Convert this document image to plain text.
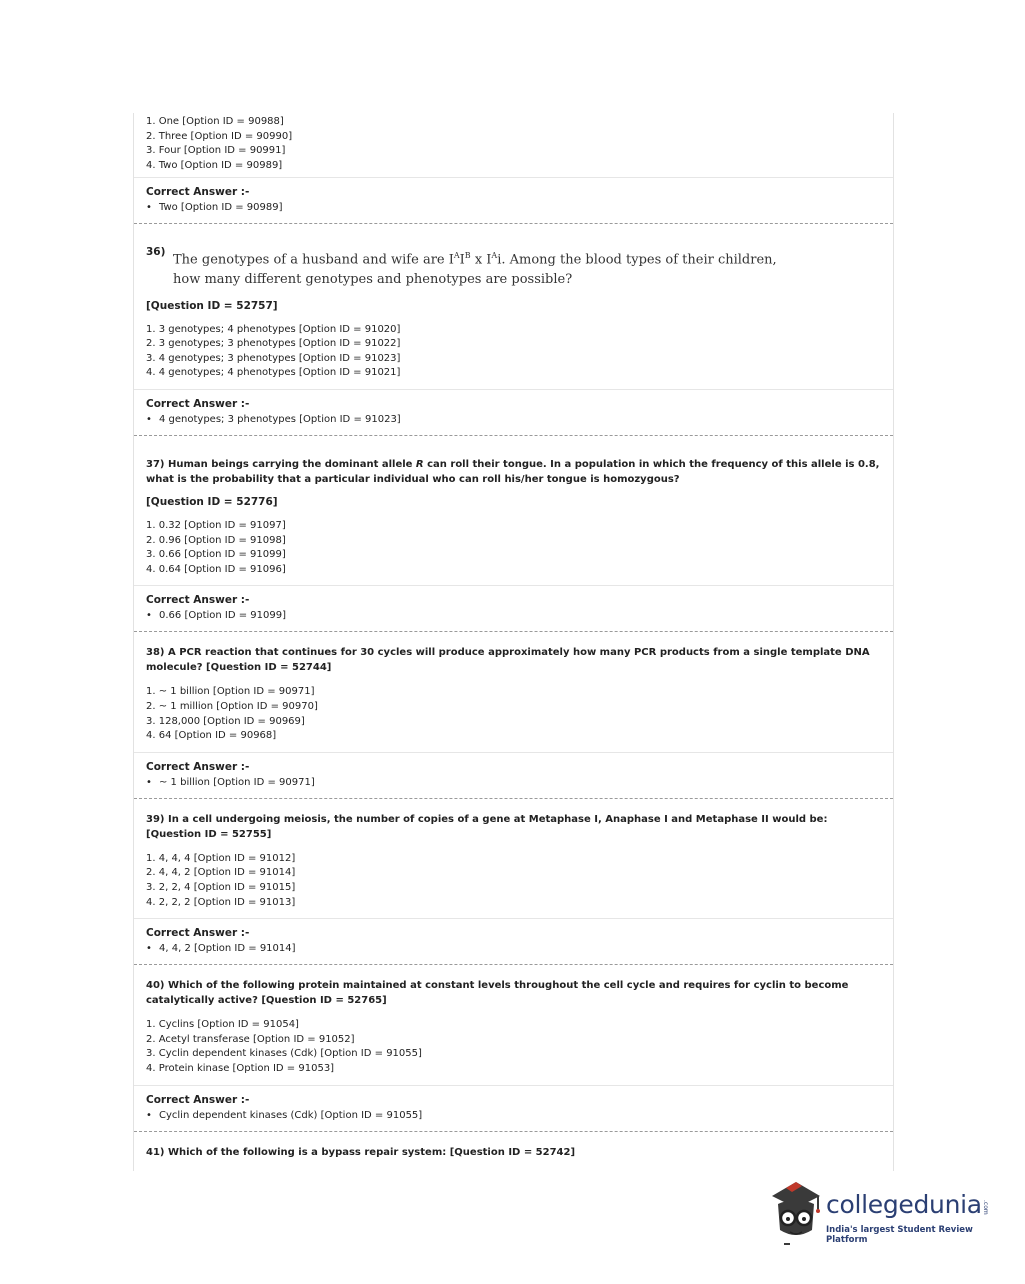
1. One [Option ID = 90988]
2. Three [Option ID = 90990]
3. Four [Option ID = 90991]
4. Two [Option ID = 90989]
Correct Answer :-
• Two [Option ID = 90989]
36)
The genotypes of a husband and wife are $I^AI^B$ x $I^Ai$. Among the blood types of their children,
how many different genotypes and phenotypes are possible?
[Question ID = 52757]
1. 3 genotypes; 4 phenotypes [Option ID = 91020]
2. 3 genotypes; 3 phenotypes [Option ID = 91022]
3. 4 genotypes; 3 phenotypes [Option ID = 91023]
4. 4 genotypes; 4 phenotypes [Option ID = 91021]
Correct Answer :-
• 4 genotypes; 3 phenotypes [Option ID = 91023]
37) Human beings carrying the dominant allele R can roll their tongue. In a population in which the frequency of this allele is 0.8, what is the probability that a particular individual who can roll his/her tongue is homozygous?
[Question ID = 52776]
1. 0.32 [Option ID = 91097]
2. 0.96 [Option ID = 91098]
3. 0.66 [Option ID = 91099]
4. 0.64 [Option ID = 91096]
Correct Answer :-
• 0.66 [Option ID = 91099]
38) A PCR reaction that continues for 30 cycles will produce approximately how many PCR products from a single template DNA molecule? [Question ID = 52744]
1. ~ 1 billion [Option ID = 90971]
2. ~ 1 million [Option ID = 90970]
3. 128,000 [Option ID = 90969]
4. 64 [Option ID = 90968]
Correct Answer :-
• ~ 1 billion [Option ID = 90971]
39) In a cell undergoing meiosis, the number of copies of a gene at Metaphase I, Anaphase I and Metaphase II would be: [Question ID = 52755]
1. 4, 4, 4 [Option ID = 91012]
2. 4, 4, 2 [Option ID = 91014]
3. 2, 2, 4 [Option ID = 91015]
4. 2, 2, 2 [Option ID = 91013]
Correct Answer :-
• 4, 4, 2 [Option ID = 91014]
40) Which of the following protein maintained at constant levels throughout the cell cycle and requires for cyclin to become catalytically active? [Question ID = 52765]
1. Cyclins [Option ID = 91054]
2. Acetyl transferase [Option ID = 91052]
3. Cyclin dependent kinases (Cdk) [Option ID = 91055]
4. Protein kinase [Option ID = 91053]
Correct Answer :-
• Cyclin dependent kinases (Cdk) [Option ID = 91055]
41) Which of the following is a bypass repair system: [Question ID = 52742]
collegedunia .com
India's largest Student Review Platform
